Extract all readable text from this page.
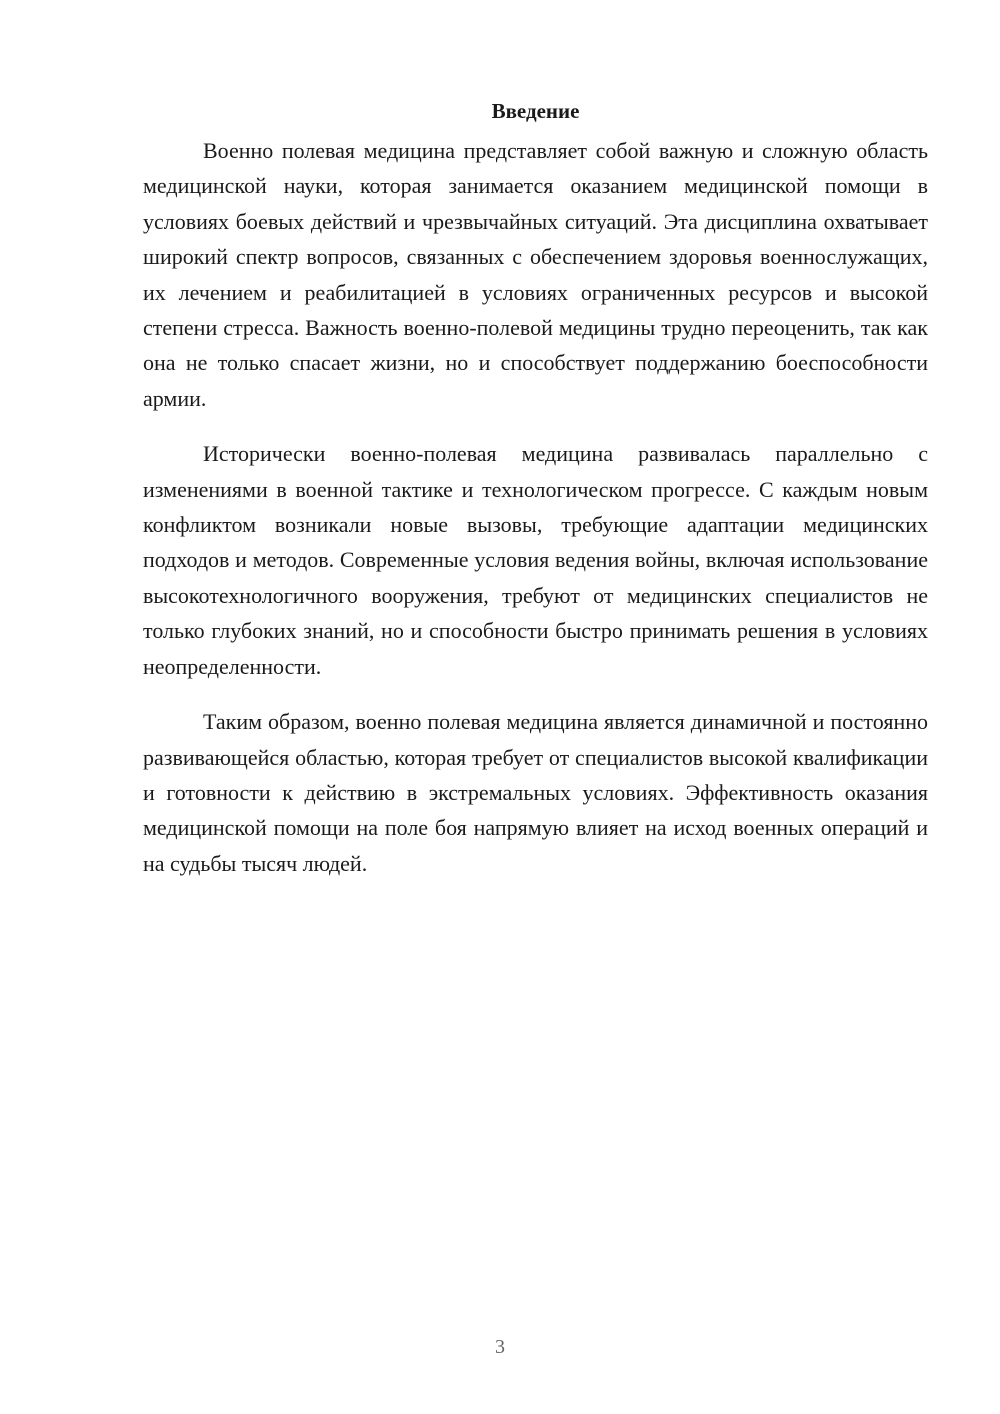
Введение

Военно полевая медицина представляет собой важную и сложную область медицинской науки, которая занимается оказанием медицинской помощи в условиях боевых действий и чрезвычайных ситуаций. Эта дисциплина охватывает широкий спектр вопросов, связанных с обеспечением здоровья военнослужащих, их лечением и реабилитацией в условиях ограниченных ресурсов и высокой степени стресса. Важность военно-полевой медицины трудно переоценить, так как она не только спасает жизни, но и способствует поддержанию боеспособности армии.

Исторически военно-полевая медицина развивалась параллельно с изменениями в военной тактике и технологическом прогрессе. С каждым новым конфликтом возникали новые вызовы, требующие адаптации медицинских подходов и методов. Современные условия ведения войны, включая использование высокотехнологичного вооружения, требуют от медицинских специалистов не только глубоких знаний, но и способности быстро принимать решения в условиях неопределенности.

Таким образом, военно полевая медицина является динамичной и постоянно развивающейся областью, которая требует от специалистов высокой квалификации и готовности к действию в экстремальных условиях. Эффективность оказания медицинской помощи на поле боя напрямую влияет на исход военных операций и на судьбы тысяч людей.

3
